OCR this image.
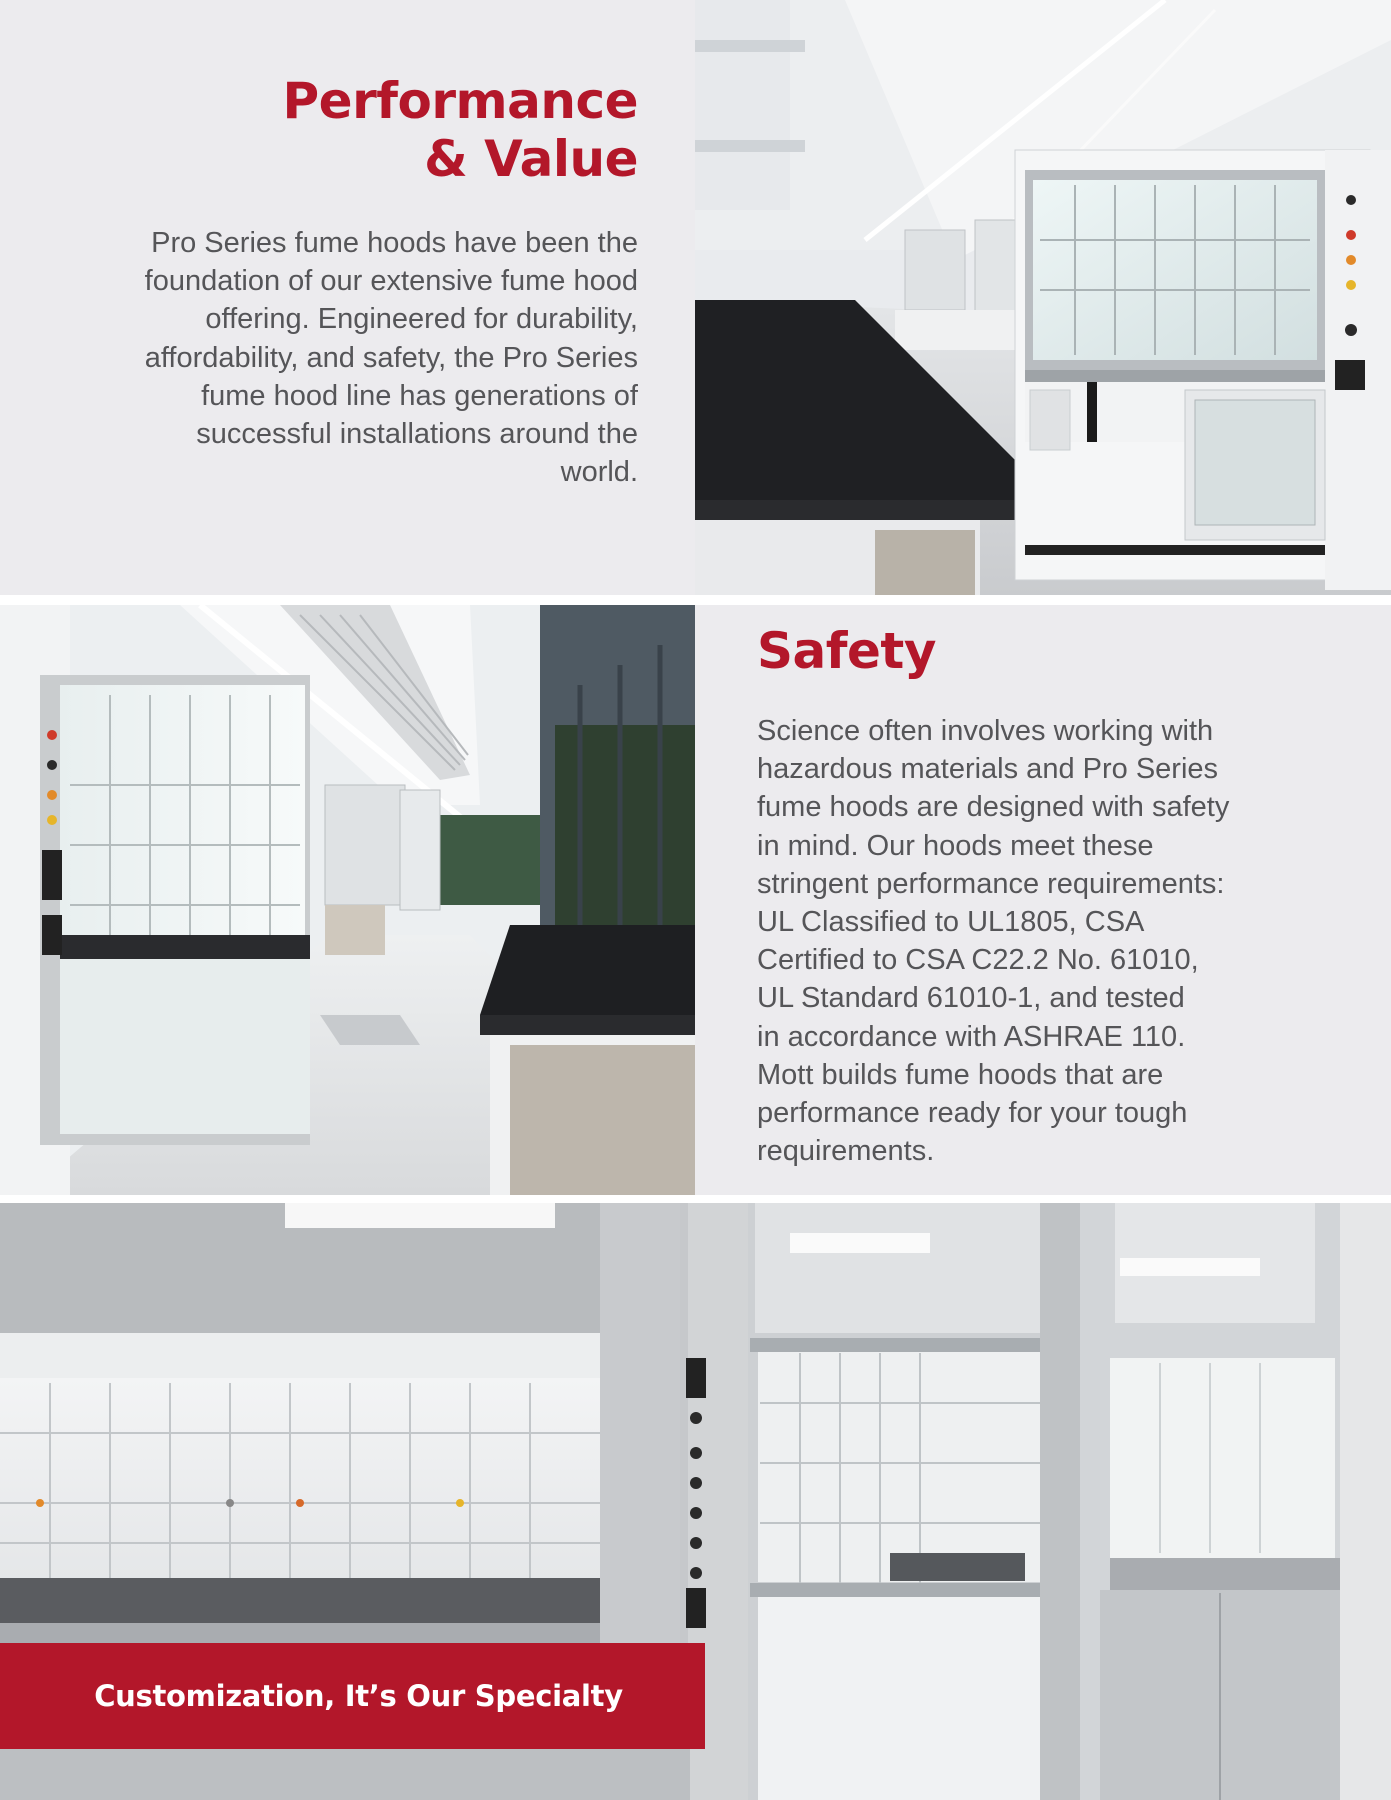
Performance
& Value

Pro Series fume hoods have been the
foundation of our extensive fume hood
offering. Engineered for durability,
affordability, and safety, the Pro Series
fume hood line has generations of
successful installations around the
world.

Safety

Science often involves working with
hazardous materials and Pro Series
fume hoods are designed with safety
in mind. Our hoods meet these
stringent performance requirements:
UL Classified to UL1805, CSA
Certified to CSA C22.2 No. 61010,
UL Standard 61010-1, and tested
in accordance with ASHRAE 110.
Mott builds fume hoods that are
performance ready for your tough
requirements.

Customization, It’s Our Specialty
